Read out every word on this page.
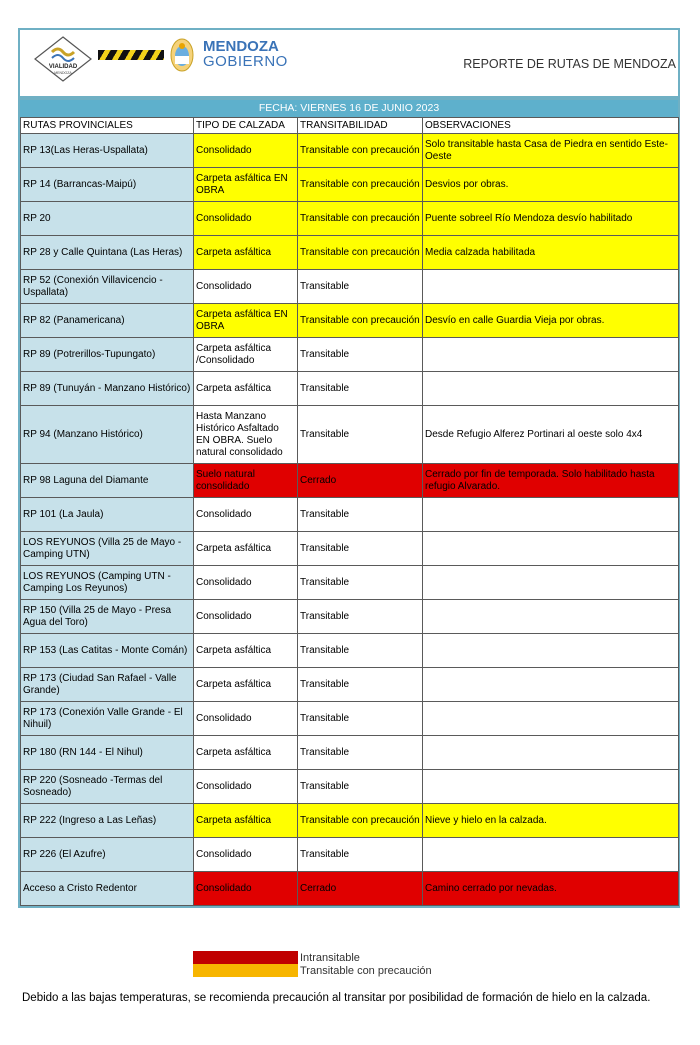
VIALIDAD
MENDOZA
MENDOZA
GOBIERNO	REPORTE DE RUTAS DE MENDOZA
FECHA: VIERNES 16 DE JUNIO 2023
RUTAS PROVINCIALES	TIPO DE CALZADA	TRANSITABILIDAD	OBSERVACIONES
RP 13(Las Heras-Uspallata)	Consolidado	Transitable con precaución	Solo transitable hasta Casa de Piedra en sentido Este-Oeste
RP 14 (Barrancas-Maipú)	Carpeta asfáltica EN OBRA	Transitable con precaución	Desvios por obras.
RP 20	Consolidado	Transitable con precaución	Puente sobreel Río Mendoza desvío habilitado
RP 28 y Calle Quintana (Las Heras)	Carpeta asfáltica	Transitable con precaución	Media calzada habilitada
RP 52 (Conexión Villavicencio - Uspallata)	Consolidado	Transitable	
RP 82 (Panamericana)	Carpeta asfáltica EN OBRA	Transitable con precaución	Desvío en calle Guardia Vieja por obras.
RP 89 (Potrerillos-Tupungato)	Carpeta asfáltica /Consolidado	Transitable	
RP 89 (Tunuyán - Manzano Histórico)	Carpeta asfáltica	Transitable	
RP 94 (Manzano Histórico)	Hasta Manzano Histórico Asfaltado EN OBRA. Suelo natural consolidado	Transitable	Desde Refugio Alferez Portinari al oeste solo 4x4
RP 98 Laguna del Diamante	Suelo natural consolidado	Cerrado	Cerrado por fin de temporada. Solo habilitado hasta refugio Alvarado.
RP 101 (La Jaula)	Consolidado	Transitable	
LOS REYUNOS (Villa 25 de Mayo - Camping UTN)	Carpeta asfáltica	Transitable	
LOS REYUNOS (Camping UTN - Camping Los Reyunos)	Consolidado	Transitable	
RP 150 (Villa 25 de Mayo - Presa Agua del Toro)	Consolidado	Transitable	
RP 153 (Las Catitas - Monte Comán)	Carpeta asfáltica	Transitable	
RP 173 (Ciudad San Rafael - Valle Grande)	Carpeta asfáltica	Transitable	
RP 173 (Conexión Valle Grande - El Nihuil)	Consolidado	Transitable	
RP 180 (RN 144 - El Nihul)	Carpeta asfáltica	Transitable	
RP 220 (Sosneado -Termas del Sosneado)	Consolidado	Transitable	
RP 222 (Ingreso a Las Leñas)	Carpeta asfáltica	Transitable con precaución	Nieve y hielo en la calzada.
RP 226 (El Azufre)	Consolidado	Transitable	
Acceso a Cristo Redentor	Consolidado	Cerrado	Camino cerrado por nevadas.
Intransitable
Transitable con precaución
Debido a las bajas temperaturas, se recomienda precaución al transitar por posibilidad de formación de hielo en la calzada.
